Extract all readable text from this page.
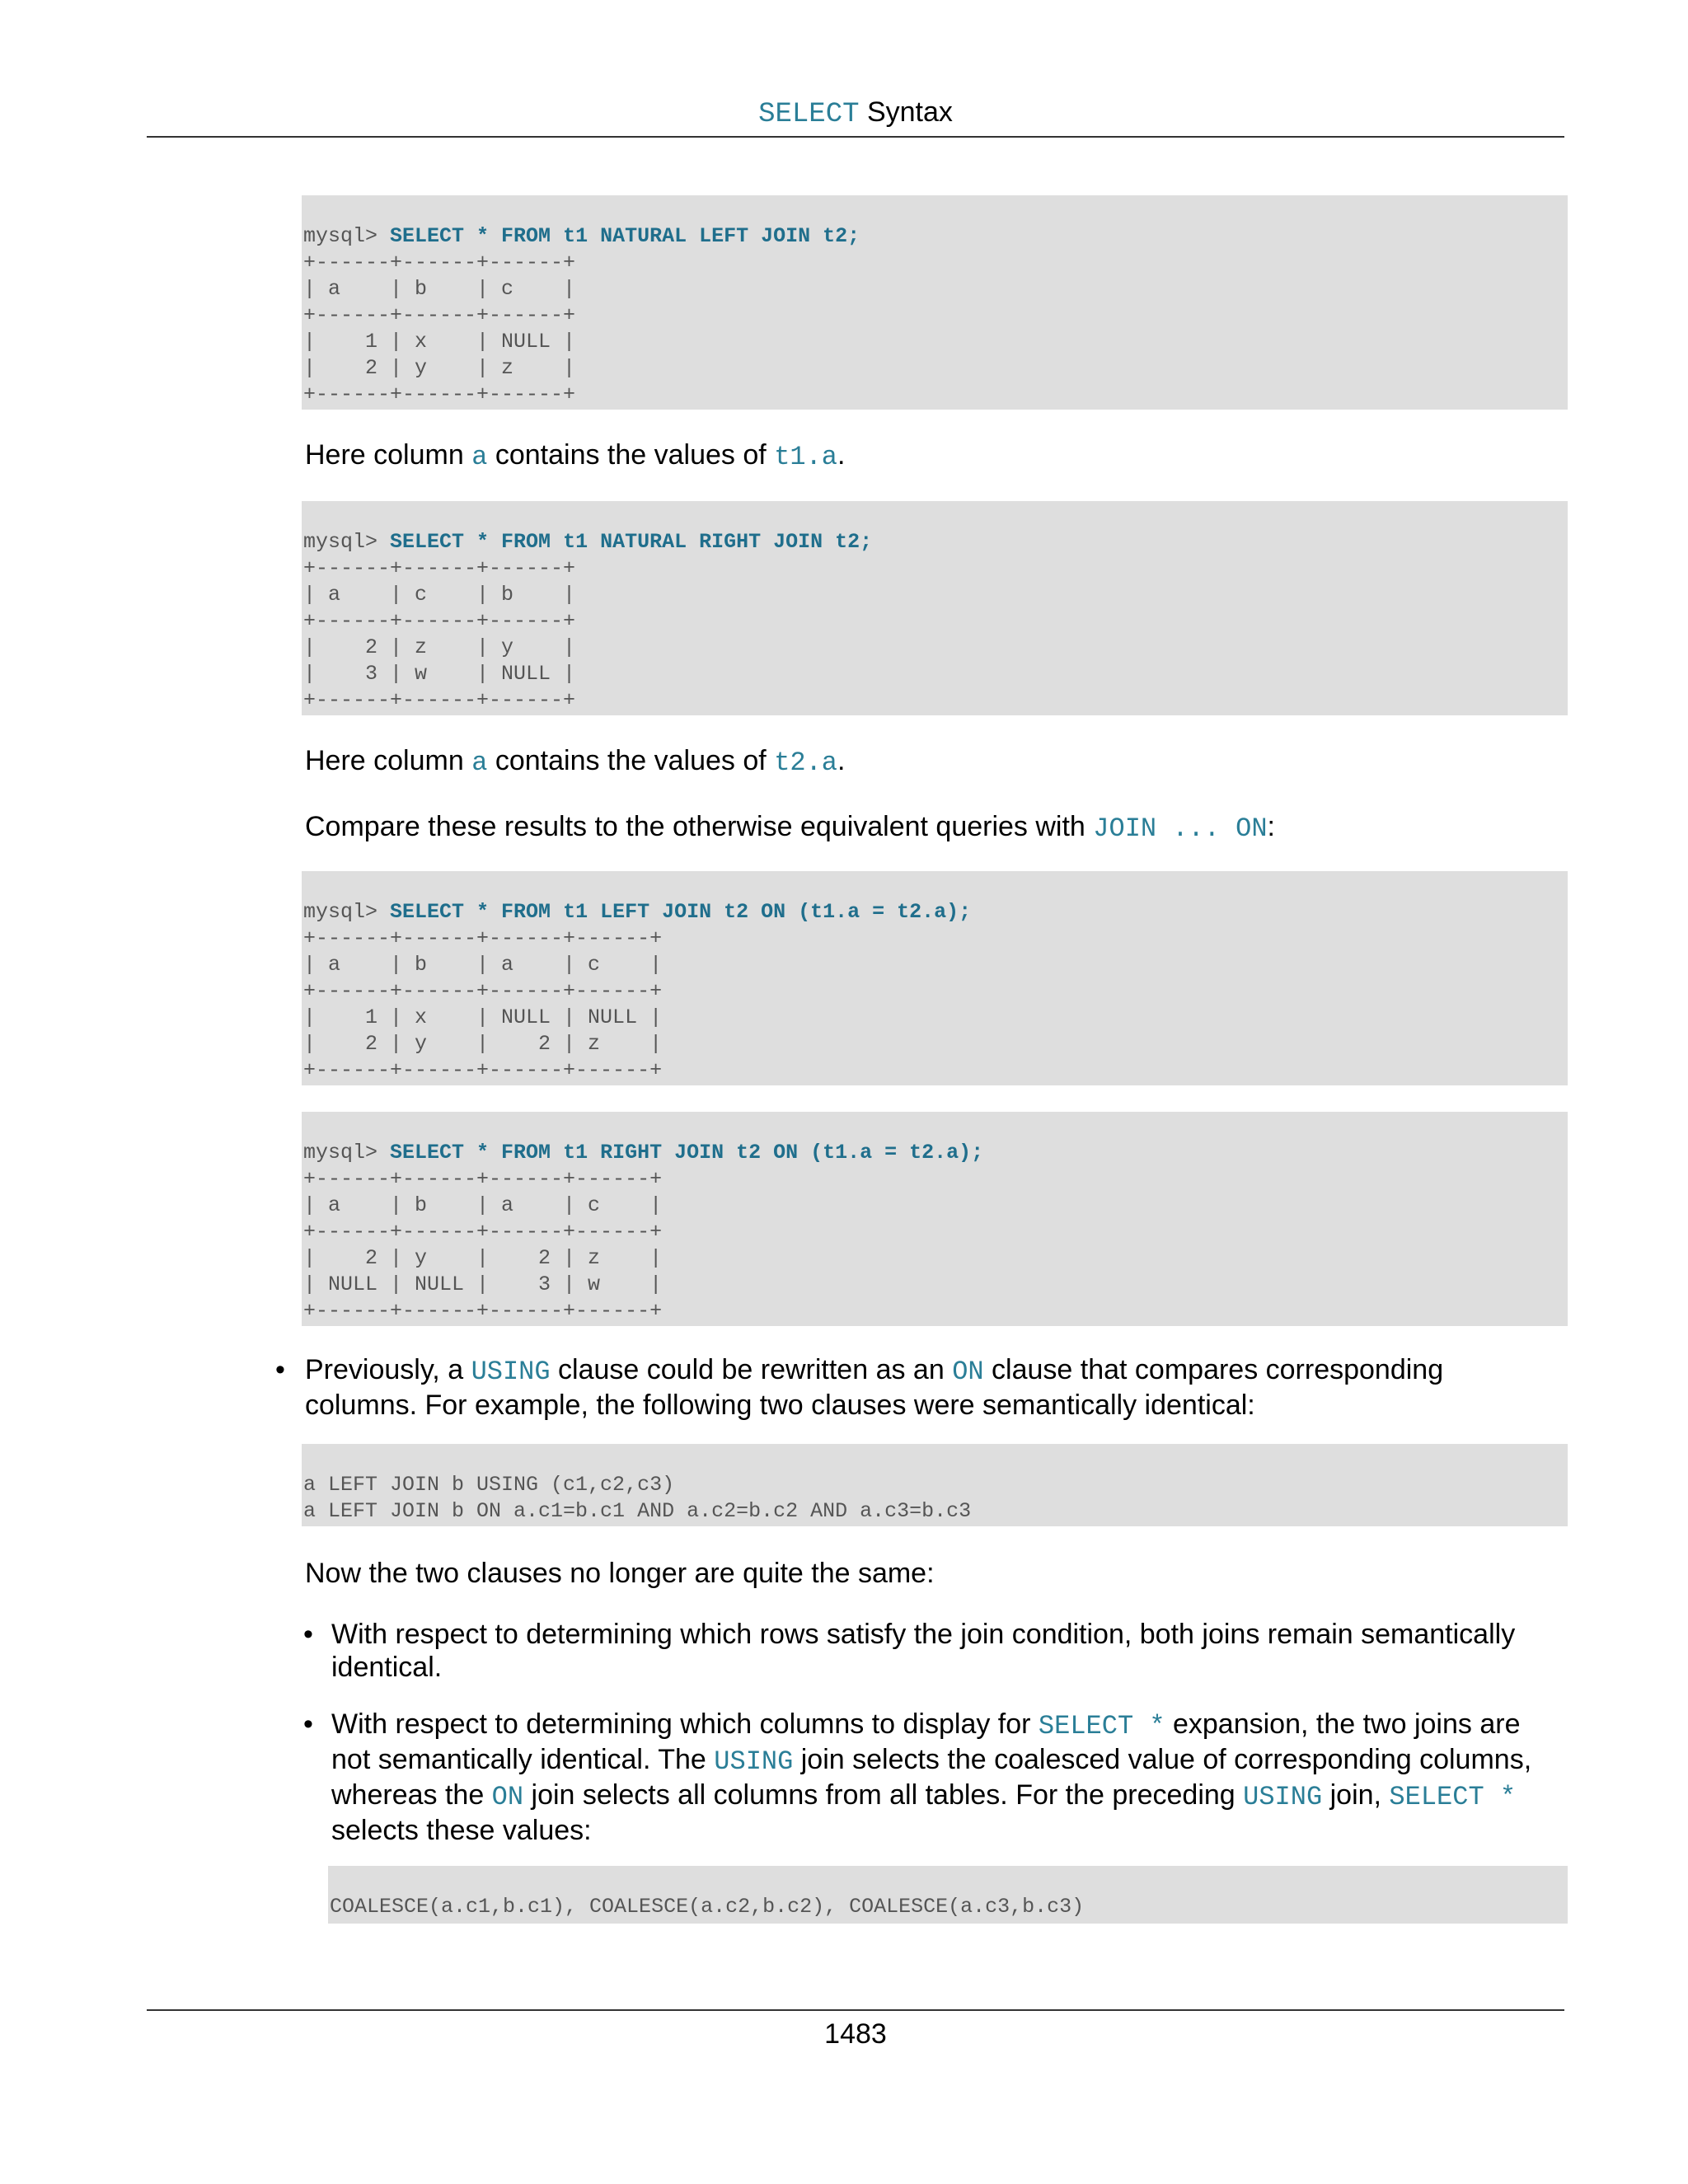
SELECT Syntax
mysql> SELECT * FROM t1 NATURAL LEFT JOIN t2;
+------+------+------+
| a    | b    | c    |
+------+------+------+
|    1 | x    | NULL |
|    2 | y    | z    |
+------+------+------+

Here column a contains the values of t1.a.

mysql> SELECT * FROM t1 NATURAL RIGHT JOIN t2;
+------+------+------+
| a    | c    | b    |
+------+------+------+
|    2 | z    | y    |
|    3 | w    | NULL |
+------+------+------+

Here column a contains the values of t2.a.

Compare these results to the otherwise equivalent queries with JOIN ... ON:

mysql> SELECT * FROM t1 LEFT JOIN t2 ON (t1.a = t2.a);
+------+------+------+------+
| a    | b    | a    | c    |
+------+------+------+------+
|    1 | x    | NULL | NULL |
|    2 | y    |    2 | z    |
+------+------+------+------+
mysql> SELECT * FROM t1 RIGHT JOIN t2 ON (t1.a = t2.a);
+------+------+------+------+
| a    | b    | a    | c    |
+------+------+------+------+
|    2 | y    |    2 | z    |
| NULL | NULL |    3 | w    |
+------+------+------+------+
• Previously, a USING clause could be rewritten as an ON clause that compares corresponding columns. For example, the following two clauses were semantically identical:

a LEFT JOIN b USING (c1,c2,c3)
a LEFT JOIN b ON a.c1=b.c1 AND a.c2=b.c2 AND a.c3=b.c3

Now the two clauses no longer are quite the same:

• With respect to determining which rows satisfy the join condition, both joins remain semantically identical.

• With respect to determining which columns to display for SELECT * expansion, the two joins are not semantically identical. The USING join selects the coalesced value of corresponding columns, whereas the ON join selects all columns from all tables. For the preceding USING join, SELECT * selects these values:

COALESCE(a.c1,b.c1), COALESCE(a.c2,b.c2), COALESCE(a.c3,b.c3)
1483
